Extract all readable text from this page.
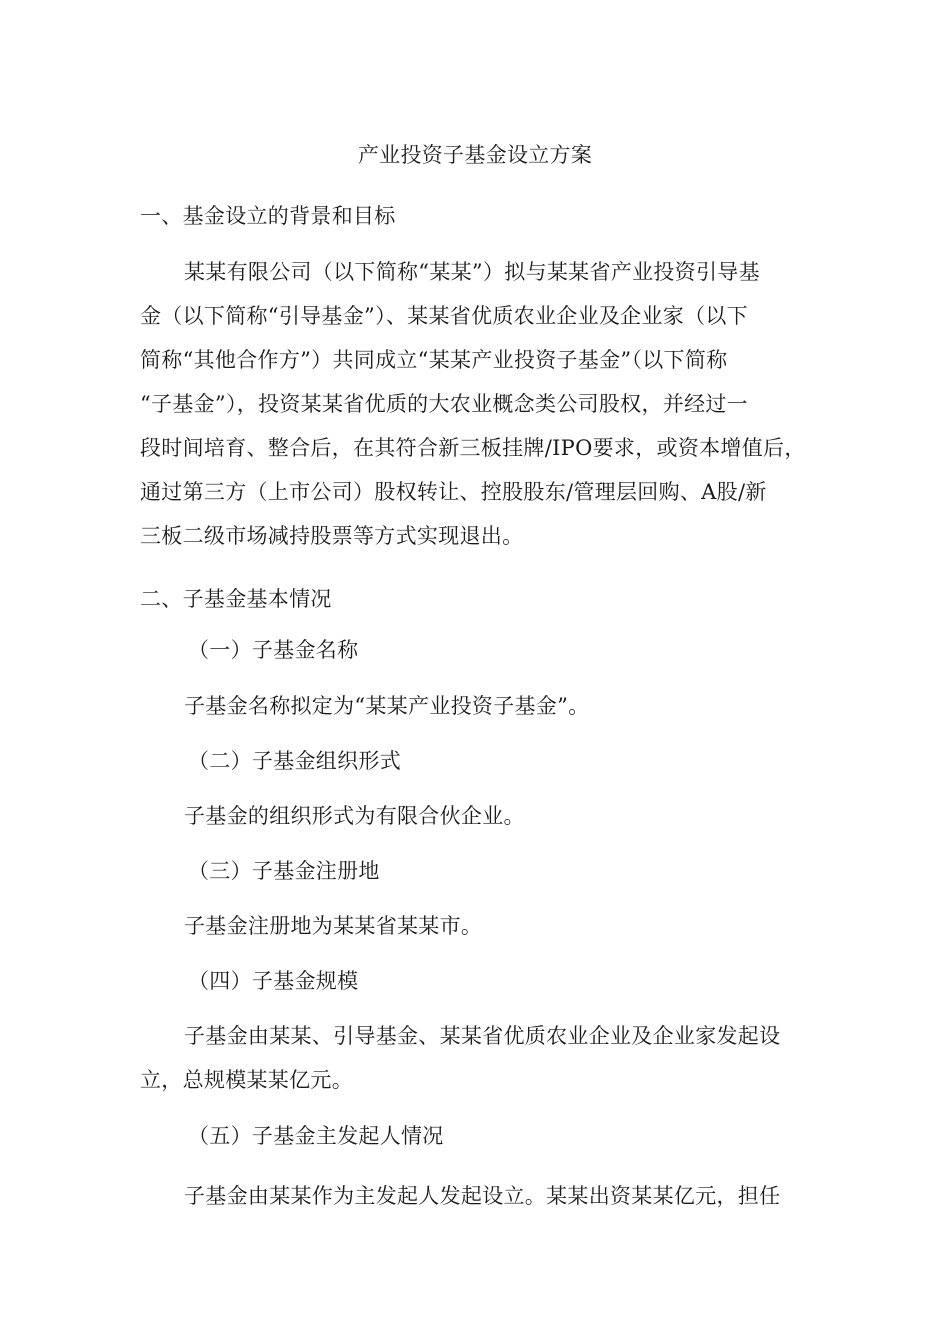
产业投资子基金设立方案
一、基金设立的背景和目标
某某有限公司（以下简称“某某”）拟与某某省产业投资引导基
金（以下简称“引导基金”）、某某省优质农业企业及企业家（以下
简称“其他合作方”）共同成立“某某产业投资子基金”（以下简称
“子基金”），投资某某省优质的大农业概念类公司股权，并经过一
段时间培育、整合后，在其符合新三板挂牌/IPO要求，或资本增值后，
通过第三方（上市公司）股权转让、控股股东/管理层回购、A股/新
三板二级市场减持股票等方式实现退出。
二、子基金基本情况
（一）子基金名称
子基金名称拟定为“某某产业投资子基金”。
（二）子基金组织形式
子基金的组织形式为有限合伙企业。
（三）子基金注册地
子基金注册地为某某省某某市。
（四）子基金规模
子基金由某某、引导基金、某某省优质农业企业及企业家发起设
立，总规模某某亿元。
（五）子基金主发起人情况
子基金由某某作为主发起人发起设立。某某出资某某亿元，担任
